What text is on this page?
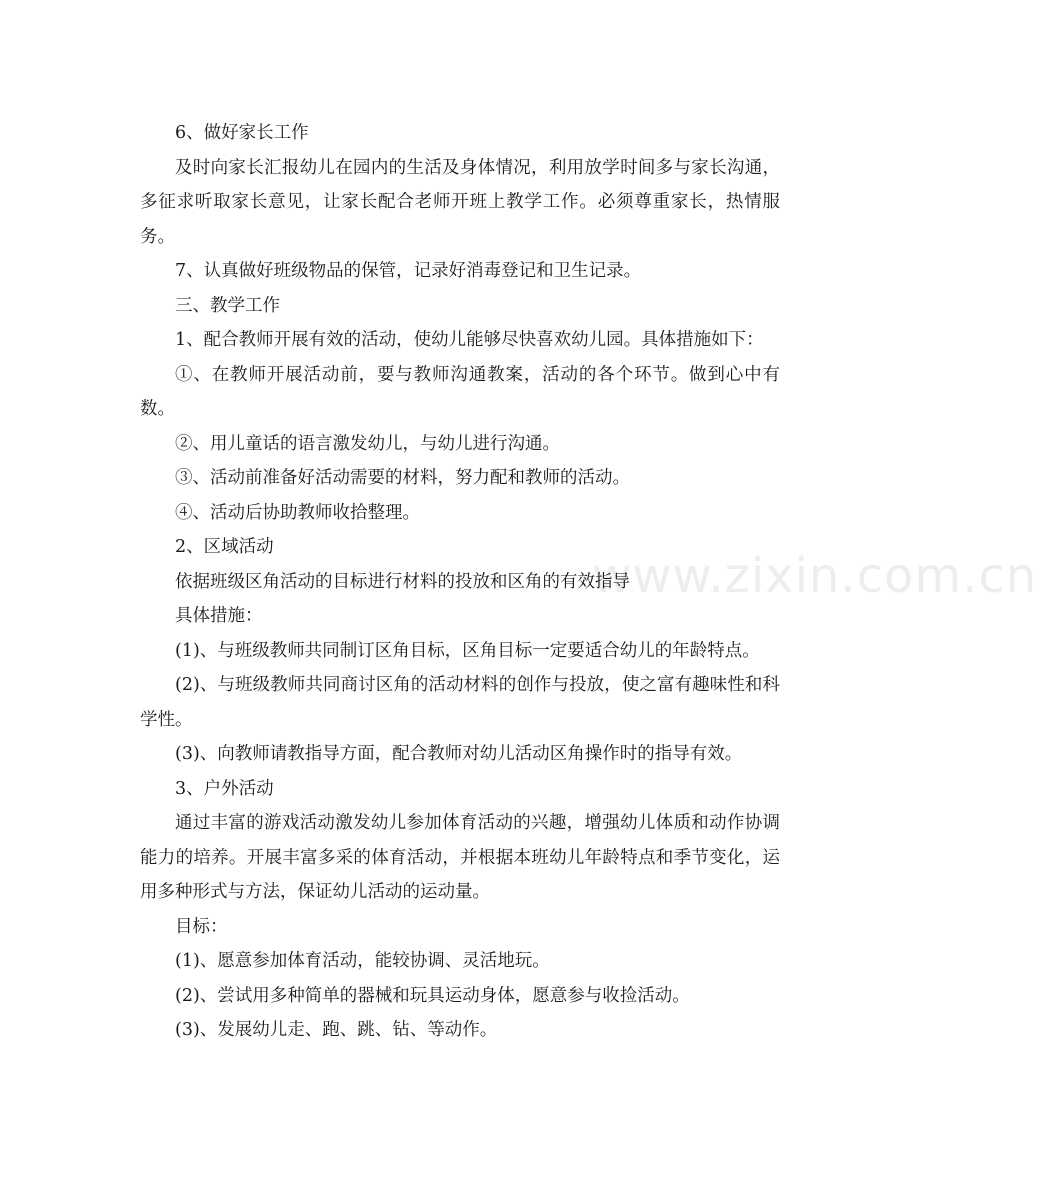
6、做好家长工作

及时向家长汇报幼儿在园内的生活及身体情况，利用放学时间多与家长沟通，多征求听取家长意见，让家长配合老师开班上教学工作。必须尊重家长，热情服务。

7、认真做好班级物品的保管，记录好消毒登记和卫生记录。

三、教学工作

1、配合教师开展有效的活动，使幼儿能够尽快喜欢幼儿园。具体措施如下：

①、在教师开展活动前，要与教师沟通教案，活动的各个环节。做到心中有数。

②、用儿童话的语言激发幼儿，与幼儿进行沟通。

③、活动前准备好活动需要的材料，努力配和教师的活动。

④、活动后协助教师收拾整理。

2、区域活动

依据班级区角活动的目标进行材料的投放和区角的有效指导

具体措施：

(1)、与班级教师共同制订区角目标，区角目标一定要适合幼儿的年龄特点。

(2)、与班级教师共同商讨区角的活动材料的创作与投放，使之富有趣味性和科学性。

(3)、向教师请教指导方面，配合教师对幼儿活动区角操作时的指导有效。

3、户外活动

通过丰富的游戏活动激发幼儿参加体育活动的兴趣，增强幼儿体质和动作协调能力的培养。开展丰富多采的体育活动，并根据本班幼儿年龄特点和季节变化，运用多种形式与方法，保证幼儿活动的运动量。

目标：

(1)、愿意参加体育活动，能较协调、灵活地玩。

(2)、尝试用多种简单的器械和玩具运动身体，愿意参与收捡活动。

(3)、发展幼儿走、跑、跳、钻、等动作。

www.zixin.com.cn
